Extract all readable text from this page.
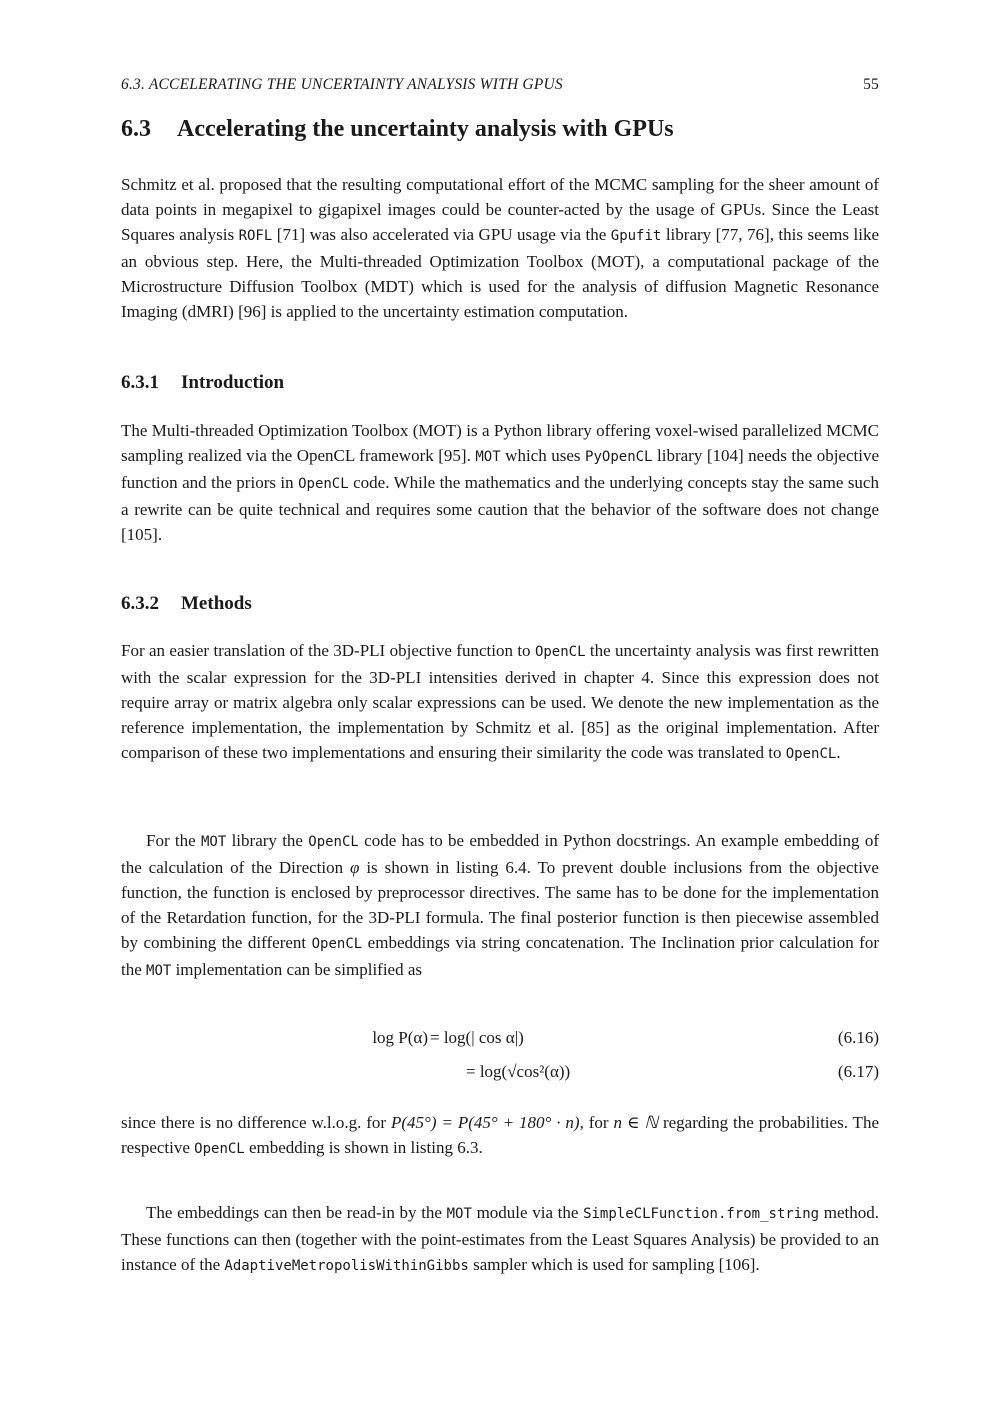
6.3. ACCELERATING THE UNCERTAINTY ANALYSIS WITH GPUS	55
6.3 Accelerating the uncertainty analysis with GPUs

Schmitz et al. proposed that the resulting computational effort of the MCMC sampling for the sheer amount of data points in megapixel to gigapixel images could be counter-acted by the usage of GPUs. Since the Least Squares analysis ROFL [71] was also accelerated via GPU usage via the Gpufit library [77, 76], this seems like an obvious step. Here, the Multi-threaded Optimization Toolbox (MOT), a computational package of the Microstructure Diffusion Toolbox (MDT) which is used for the analysis of diffusion Magnetic Resonance Imaging (dMRI) [96] is applied to the uncertainty estimation computation.

6.3.1 Introduction

The Multi-threaded Optimization Toolbox (MOT) is a Python library offering voxel-wised parallelized MCMC sampling realized via the OpenCL framework [95]. MOT which uses PyOpenCL library [104] needs the objective function and the priors in OpenCL code. While the mathematics and the underlying concepts stay the same such a rewrite can be quite technical and requires some caution that the behavior of the software does not change [105].

6.3.2 Methods

For an easier translation of the 3D-PLI objective function to OpenCL the uncertainty analysis was first rewritten with the scalar expression for the 3D-PLI intensities derived in chapter 4. Since this expression does not require array or matrix algebra only scalar expressions can be used. We denote the new implementation as the reference implementation, the implementation by Schmitz et al. [85] as the original implementation. After comparison of these two implementations and ensuring their similarity the code was translated to OpenCL.

For the MOT library the OpenCL code has to be embedded in Python docstrings. An example embedding of the calculation of the Direction φ is shown in listing 6.4. To prevent double inclusions from the objective function, the function is enclosed by preprocessor directives. The same has to be done for the implementation of the Retardation function, for the 3D-PLI formula. The final posterior function is then piecewise assembled by combining the different OpenCL embeddings via string concatenation. The Inclination prior calculation for the MOT implementation can be simplified as

log P(α) = log(| cos α|)	(6.16)
= log(√cos²(α))	(6.17)

since there is no difference w.l.o.g. for P(45°) = P(45° + 180° · n), for n ∈ ℕ regarding the probabilities. The respective OpenCL embedding is shown in listing 6.3.

The embeddings can then be read-in by the MOT module via the SimpleCLFunction.from_string method. These functions can then (together with the point-estimates from the Least Squares Analysis) be provided to an instance of the AdaptiveMetropolisWithinGibbs sampler which is used for sampling [106].
